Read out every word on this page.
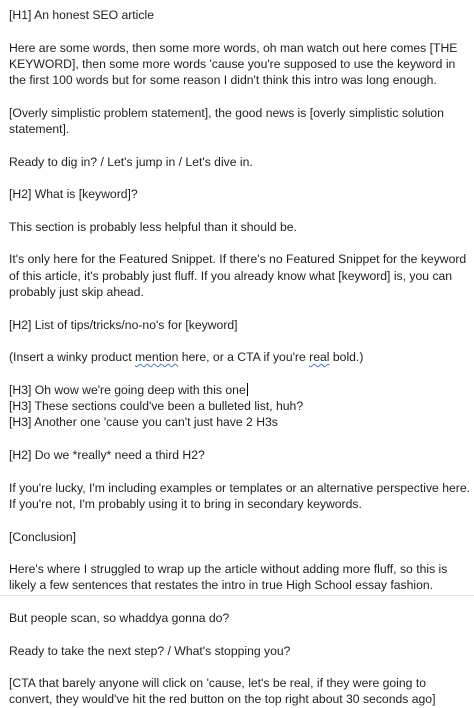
[H1] An honest SEO article

Here are some words, then some more words, oh man watch out here comes [THE KEYWORD], then some more words 'cause you're supposed to use the keyword in the first 100 words but for some reason I didn't think this intro was long enough.

[Overly simplistic problem statement], the good news is [overly simplistic solution statement].

Ready to dig in? / Let's jump in / Let's dive in.

[H2] What is [keyword]?

This section is probably less helpful than it should be.

It's only here for the Featured Snippet. If there's no Featured Snippet for the keyword of this article, it's probably just fluff. If you already know what [keyword] is, you can probably just skip ahead.

[H2] List of tips/tricks/no-no's for [keyword]

(Insert a winky product mention here, or a CTA if you're real bold.)

[H3] Oh wow we're going deep with this one

[H3] These sections could've been a bulleted list, huh?

[H3] Another one 'cause you can't just have 2 H3s

[H2] Do we *really* need a third H2?

If you're lucky, I'm including examples or templates or an alternative perspective here. If you're not, I'm probably using it to bring in secondary keywords.

[Conclusion]

Here's where I struggled to wrap up the article without adding more fluff, so this is likely a few sentences that restates the intro in true High School essay fashion.

But people scan, so whaddya gonna do?

Ready to take the next step? / What's stopping you?

[CTA that barely anyone will click on 'cause, let's be real, if they were going to convert, they would've hit the red button on the top right about 30 seconds ago]
